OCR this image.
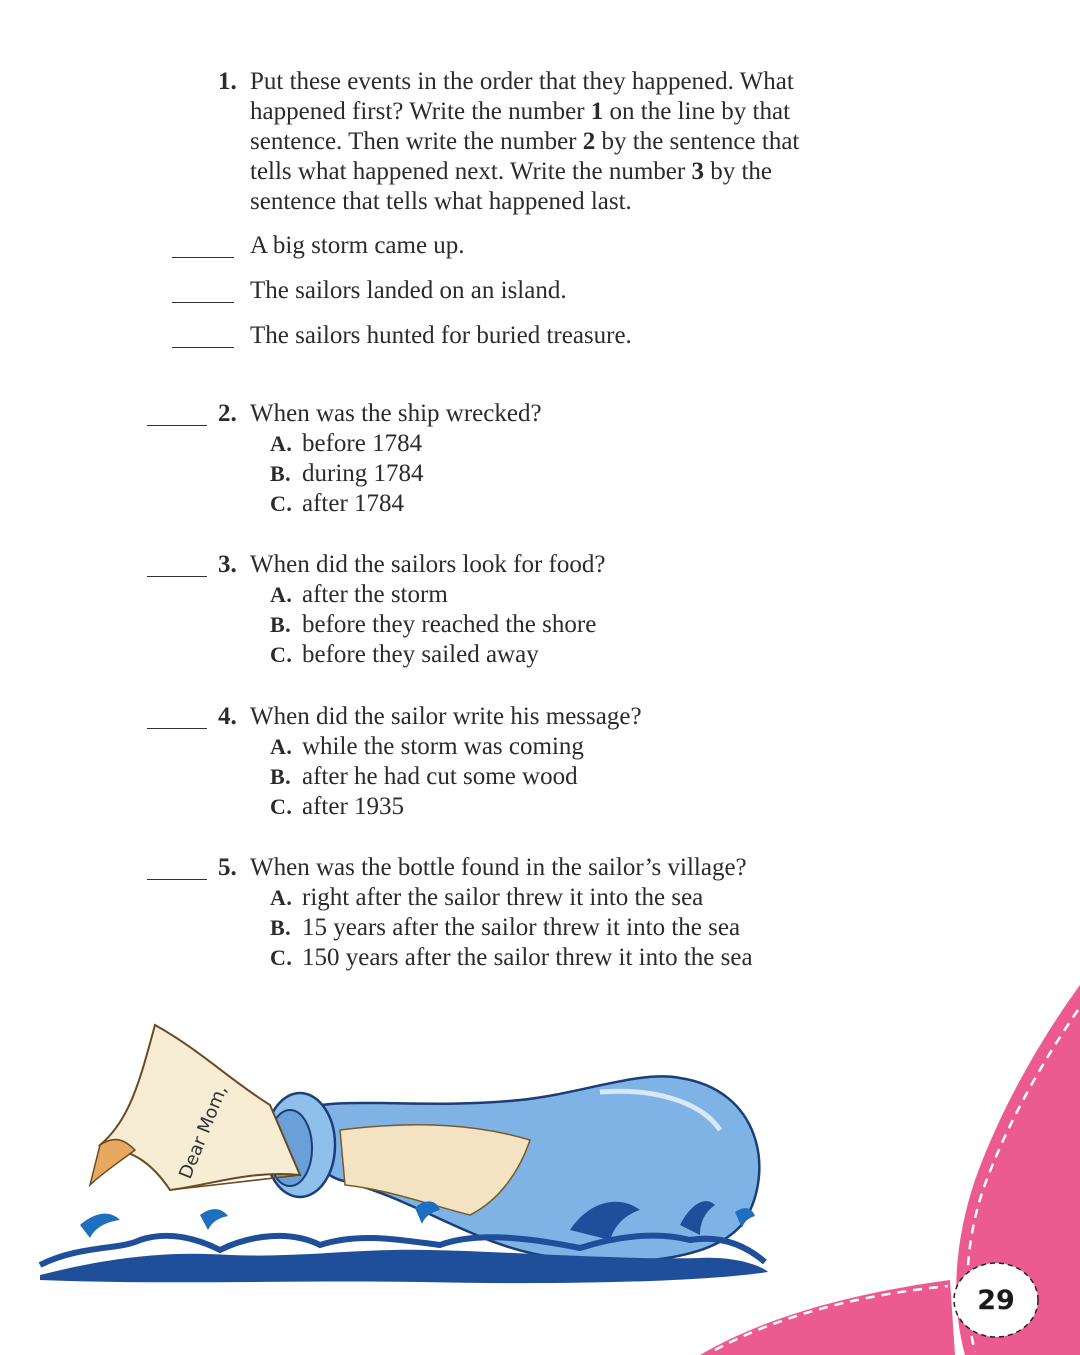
1. Put these events in the order that they happened. What
happened first? Write the number 1 on the line by that
sentence. Then write the number 2 by the sentence that
tells what happened next. Write the number 3 by the
sentence that tells what happened last.
A big storm came up.
The sailors landed on an island.
The sailors hunted for buried treasure.
2. When was the ship wrecked?
A. before 1784
B. during 1784
C. after 1784
3. When did the sailors look for food?
A. after the storm
B. before they reached the shore
C. before they sailed away
4. When did the sailor write his message?
A. while the storm was coming
B. after he had cut some wood
C. after 1935
5. When was the bottle found in the sailor’s village?
A. right after the sailor threw it into the sea
B. 15 years after the sailor threw it into the sea
C. 150 years after the sailor threw it into the sea
29
Dear Mom,
